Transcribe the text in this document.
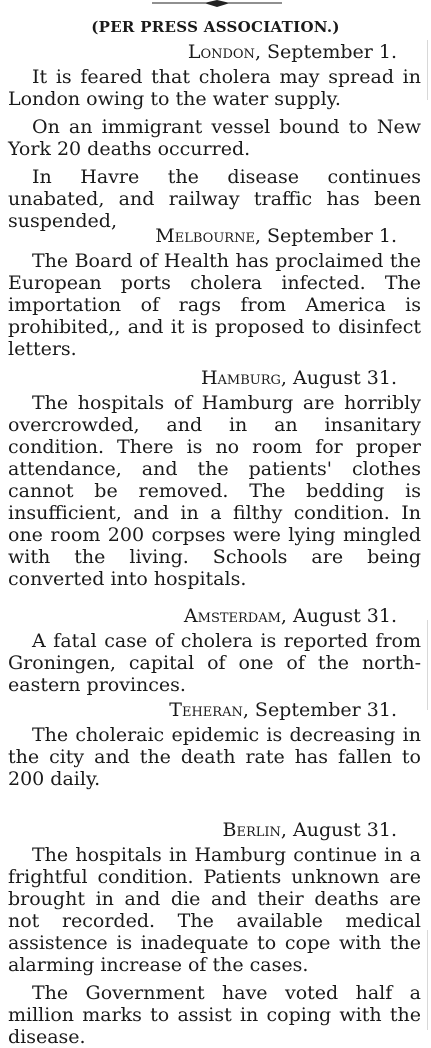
(PER PRESS ASSOCIATION.)

London, September 1.

It is feared that cholera may spread in London owing to the water supply.

On an immigrant vessel bound to New York 20 deaths occurred.

In Havre the disease continues unabated, and railway traffic has been suspended,

Melbourne, September 1.

The Board of Health has proclaimed the European ports cholera infected. The importation of rags from America is prohibited,, and it is proposed to disinfect letters.

Hamburg, August 31.

The hospitals of Hamburg are horribly overcrowded, and in an insanitary condition. There is no room for proper attendance, and the patients' clothes cannot be removed. The bedding is insufficient, and in a filthy condition. In one room 200 corpses were lying mingled with the living. Schools are being converted into hospitals.

Amsterdam, August 31.

A fatal case of cholera is reported from Groningen, capital of one of the north-eastern provinces.

Teheran, September 31.

The choleraic epidemic is decreasing in the city and the death rate has fallen to 200 daily.

Berlin, August 31.

The hospitals in Hamburg continue in a frightful condition. Patients unknown are brought in and die and their deaths are not recorded. The available medical assistence is inadequate to cope with the alarming increase of the cases.

The Government have voted half a million marks to assist in coping with the disease.
